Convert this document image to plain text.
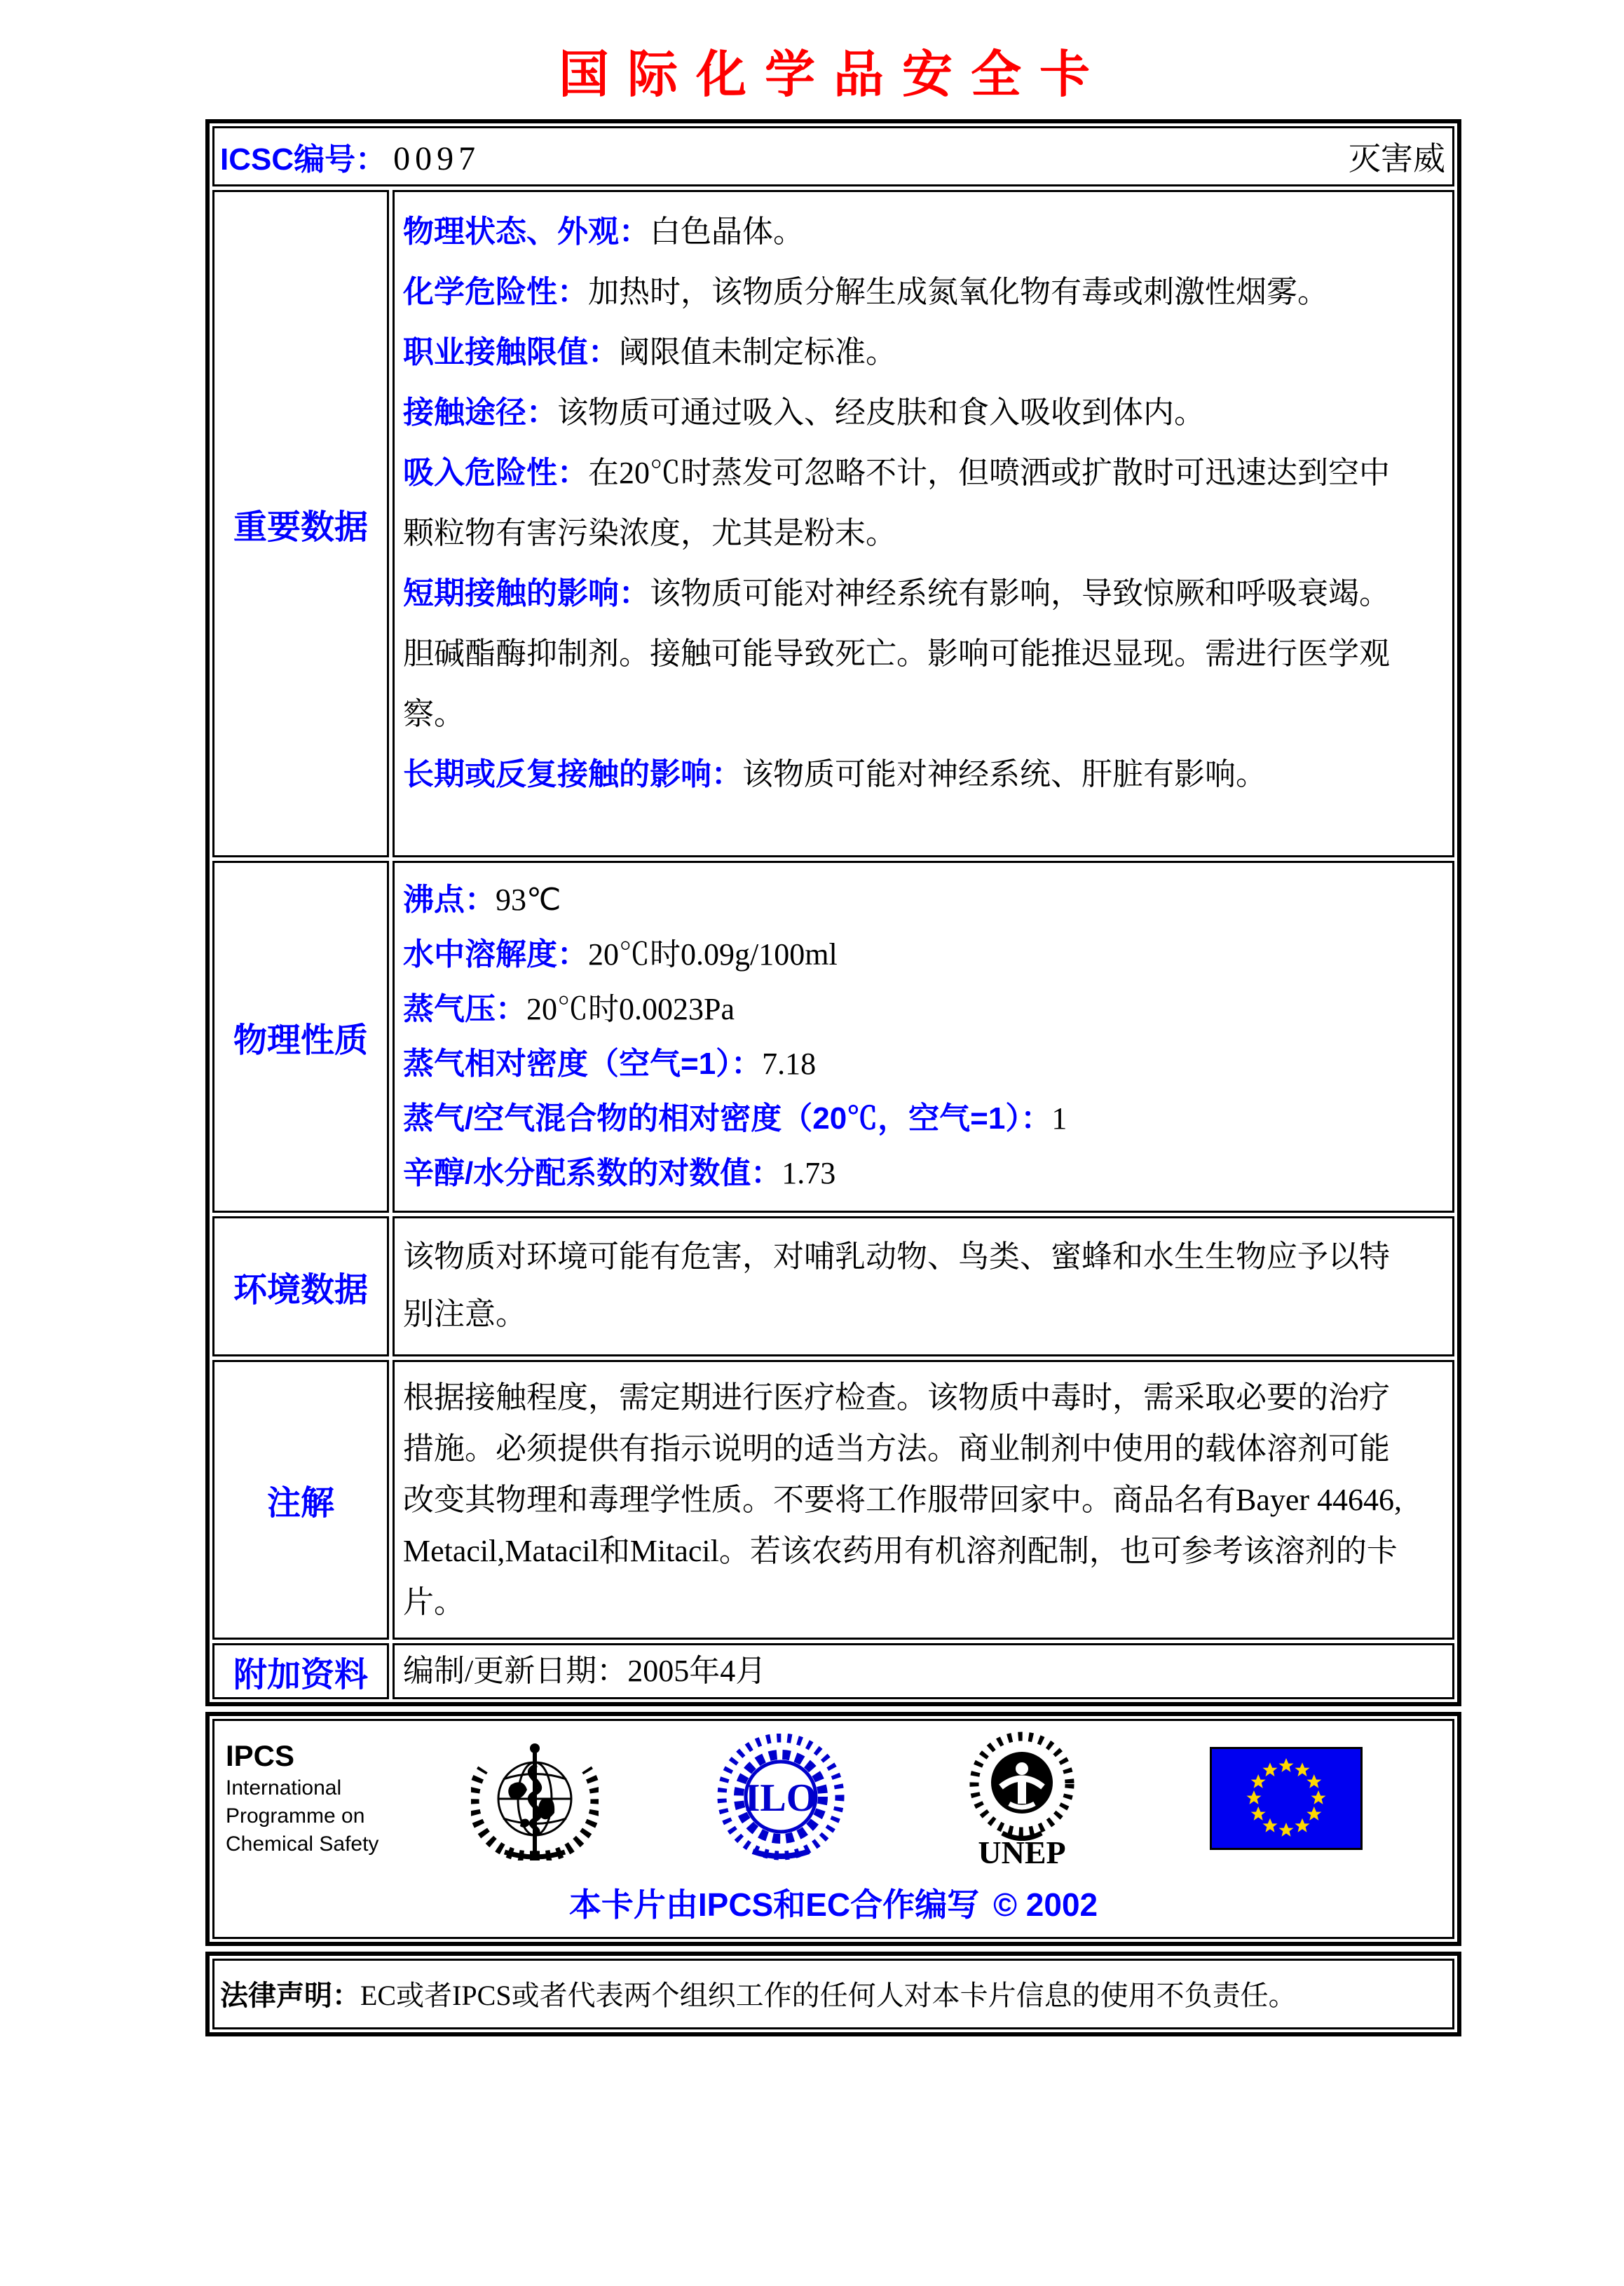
国际化学品安全卡
ICSC编号： 0097	灭害威
重要数据

物理状态、外观：白色晶体。

化学危险性：加热时，该物质分解生成氮氧化物有毒或刺激性烟雾。

职业接触限值：阈限值未制定标准。

接触途径：该物质可通过吸入、经皮肤和食入吸收到体内。

吸入危险性：在20℃时蒸发可忽略不计，但喷洒或扩散时可迅速达到空中颗粒物有害污染浓度，尤其是粉末。

短期接触的影响：该物质可能对神经系统有影响，导致惊厥和呼吸衰竭。胆碱酯酶抑制剂。接触可能导致死亡。影响可能推迟显现。需进行医学观察。

长期或反复接触的影响：该物质可能对神经系统、肝脏有影响。

物理性质

沸点：93℃

水中溶解度：20℃时0.09g/100ml

蒸气压：20℃时0.0023Pa

蒸气相对密度（空气=1）：7.18

蒸气/空气混合物的相对密度（20℃，空气=1）：1

辛醇/水分配系数的对数值：1.73

环境数据

该物质对环境可能有危害，对哺乳动物、鸟类、蜜蜂和水生生物应予以特别注意。

注解

根据接触程度，需定期进行医疗检查。该物质中毒时，需采取必要的治疗措施。必须提供有指示说明的适当方法。商业制剂中使用的载体溶剂可能改变其物理和毒理学性质。不要将工作服带回家中。商品名有Bayer 44646, Metacil,Matacil和Mitacil。若该农药用有机溶剂配制，也可参考该溶剂的卡片。

附加资料	编制/更新日期：2005年4月

IPCS
International
Programme on
Chemical Safety
ILO
UNEP
本卡片由IPCS和EC合作编写 © 2002
法律声明：EC或者IPCS或者代表两个组织工作的任何人对本卡片信息的使用不负责任。
